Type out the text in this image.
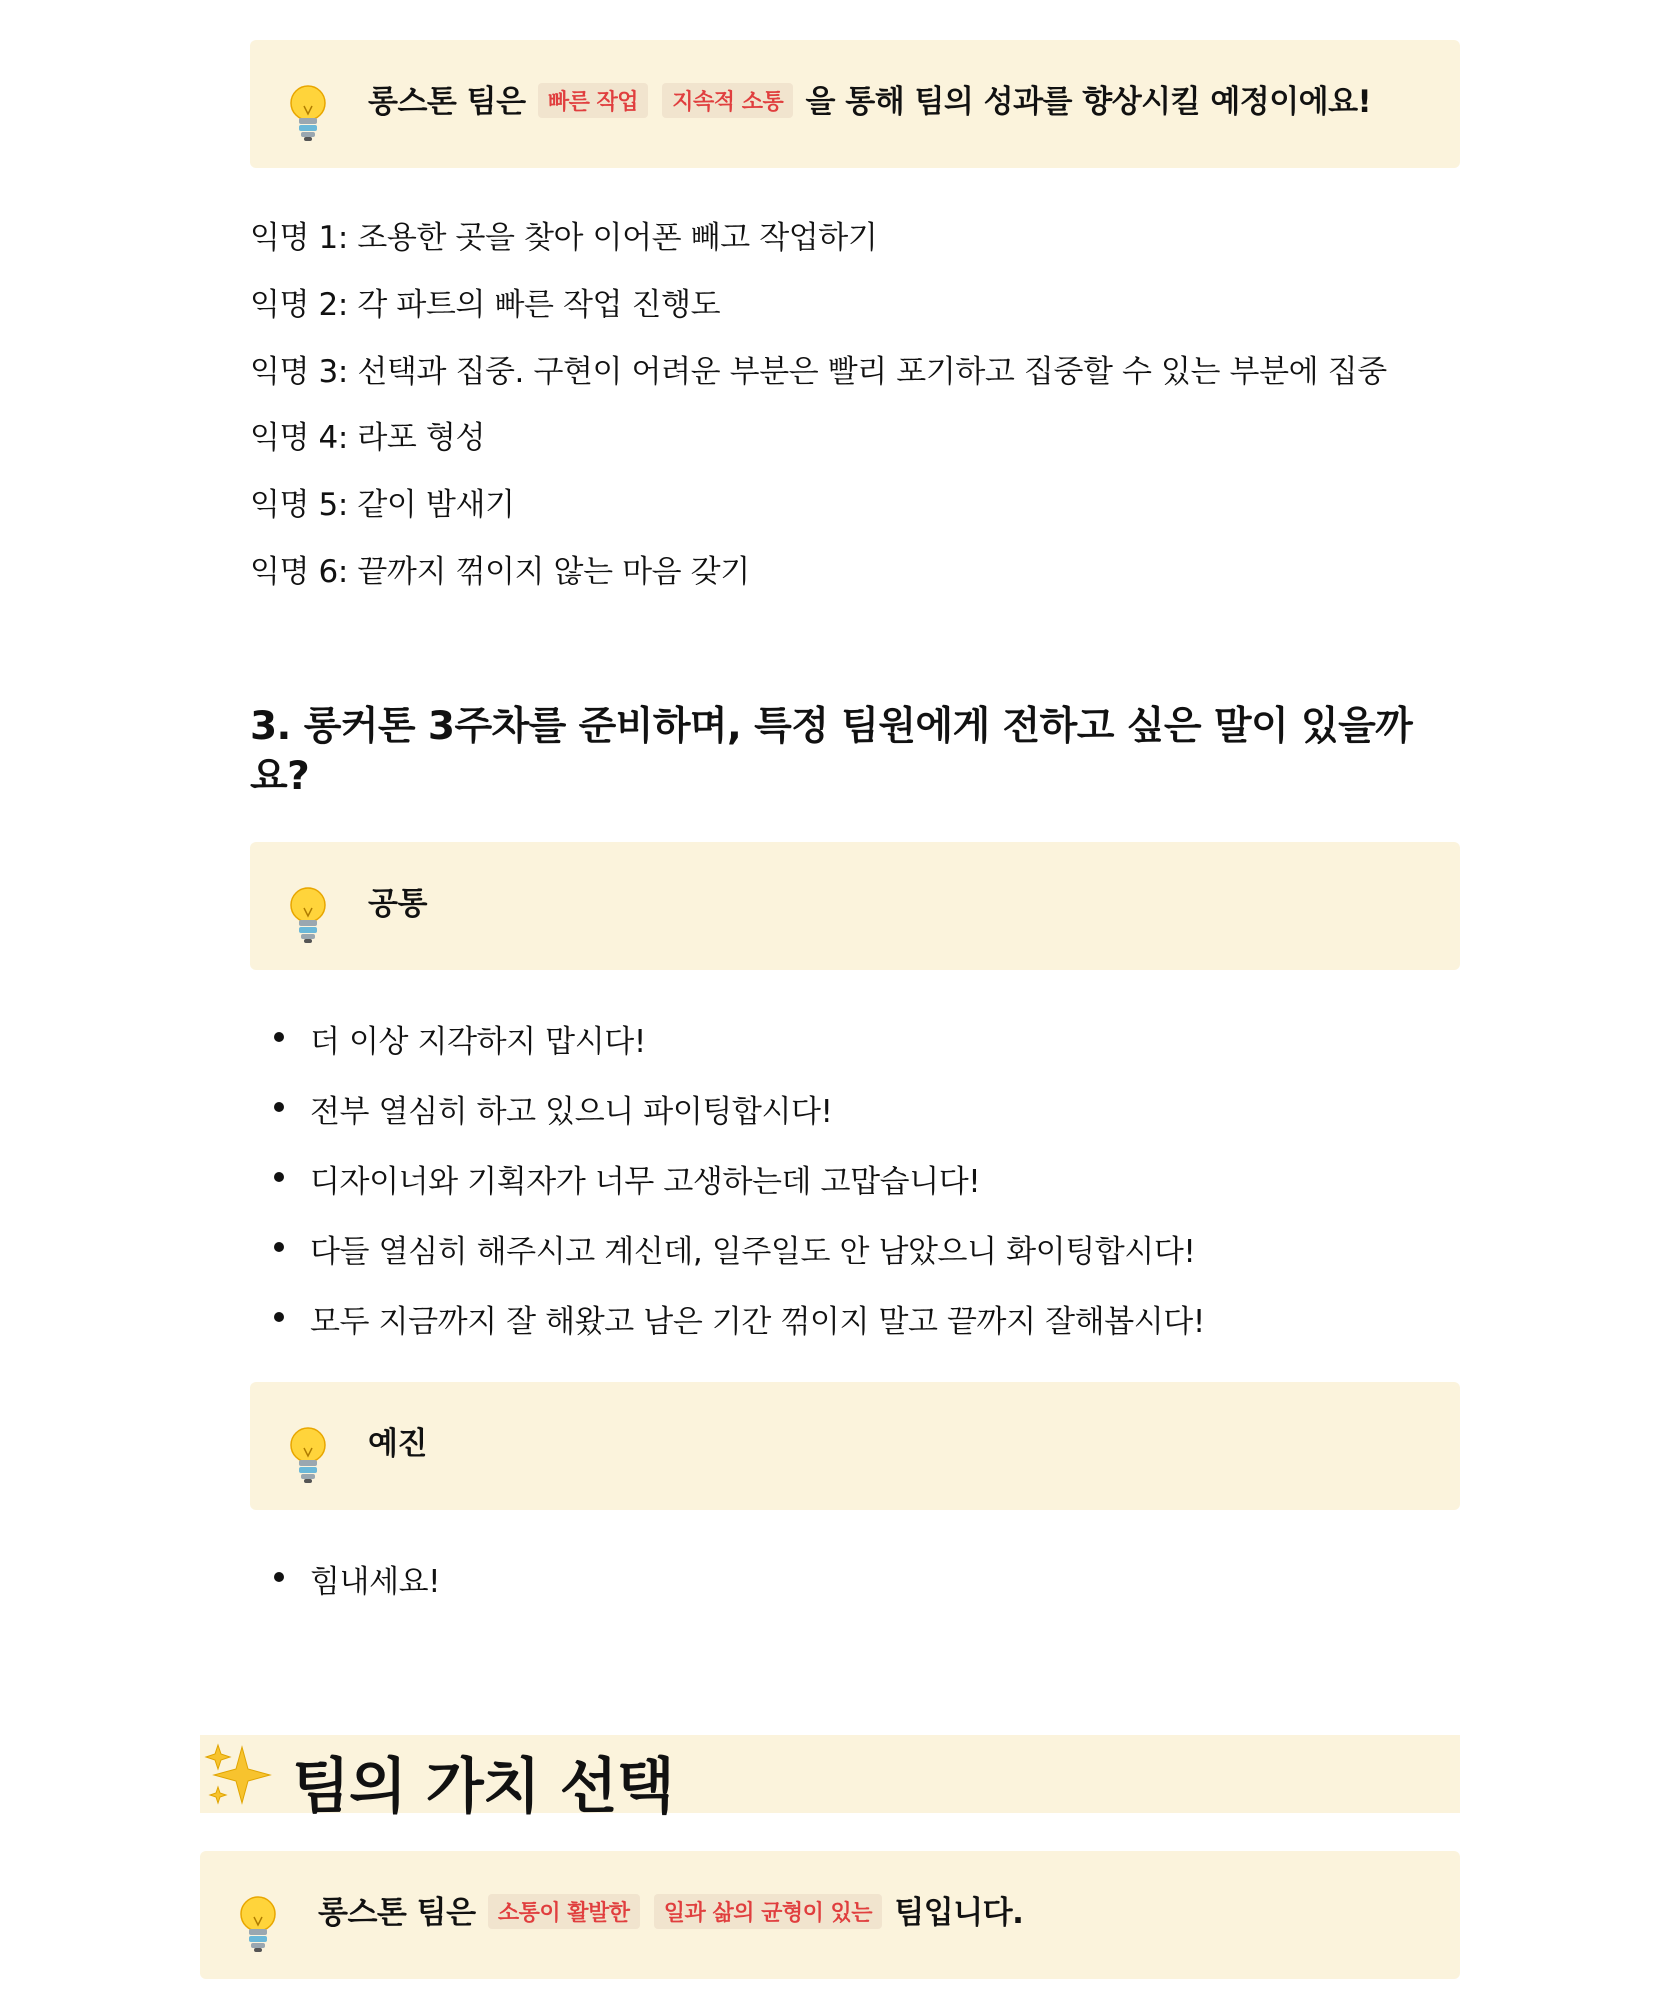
롱스톤 팀은 빠른 작업 지속적 소통 을 통해 팀의 성과를 향상시킬 예정이에요!
익명 1: 조용한 곳을 찾아 이어폰 빼고 작업하기
익명 2: 각 파트의 빠른 작업 진행도
익명 3: 선택과 집중. 구현이 어려운 부분은 빨리 포기하고 집중할 수 있는 부분에 집중
익명 4: 라포 형성
익명 5: 같이 밤새기
익명 6: 끝까지 꺾이지 않는 마음 갖기
3. 롱커톤 3주차를 준비하며, 특정 팀원에게 전하고 싶은 말이 있을까
요?
공통
더 이상 지각하지 맙시다!
전부 열심히 하고 있으니 파이팅합시다!
디자이너와 기획자가 너무 고생하는데 고맙습니다!
다들 열심히 해주시고 계신데, 일주일도 안 남았으니 화이팅합시다!
모두 지금까지 잘 해왔고 남은 기간 꺾이지 말고 끝까지 잘해봅시다!
예진
힘내세요!
팀의 가치 선택
롱스톤 팀은 소통이 활발한 일과 삶의 균형이 있는 팀입니다.
